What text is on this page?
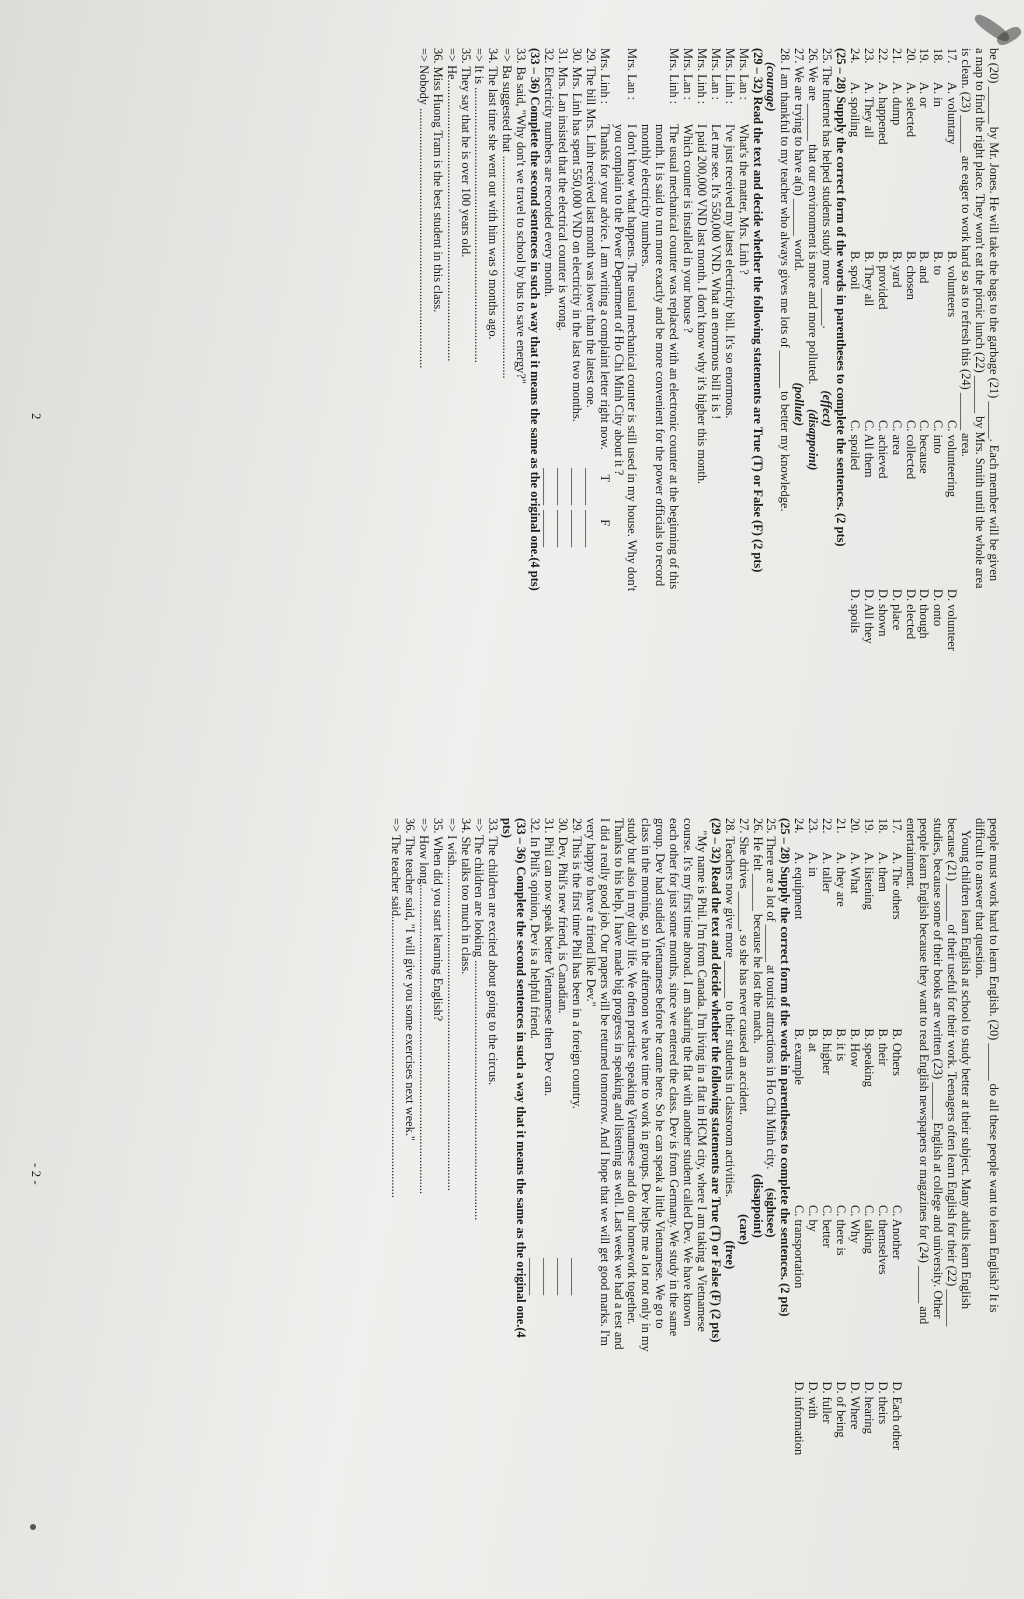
be (20) ______ by Mr. Jones. He will take the bags to the garbage (21) ______. Each member will be given

a map to find the right place. They won't eat the picnic lunch (22) ______ by Mrs. Smith until the whole area

is clean. (23) ______ are eager to work hard so as to refresh this (24) ______ area.

17.
A. voluntary
B. volunteers
C. volunteering
D. volunteer
18.
A. in
B. to
C. into
D. onto
19.
A. or
B. and
C. because
D. though
20.
A. selected
B. chosen
C. collected
D. elected
21.
A. dump
B. yard
C. area
D. place
22.
A. happened
B. provided
C. achieved
D. shown
23.
A. They all
B. They all
C. All them
D. All they
24.
A. spoiling
B. spoil
C. spoiled
D. spoils

(25 – 28) Supply the correct form of the words in parentheses to complete the sentences. (2 pts)

25. The Internet has helped students study more ______.                    (effect)

26. We are ______ that our environment is more and more polluted.        (disappoint)

27. We are trying to have a(n) ______ world.                                    (pollute)

28. I am thankful to my teacher who always gives me lots of ______ to better my knowledge.

(courage)

(29 – 32) Read the text and decide whether the following statements are True (T) or False (F) (2 pts)

Mrs. Lan :
What's the matter, Mrs. Linh ?
Mrs. Linh :
I've just received my latest electricity bill. It's so enormous.
Mrs. Lan :
Let me see. It's 550,000 VND. What an enormous bill it is !
Mrs. Linh :
I paid 200,000 VND last month. I don't know why it's higher this month.
Mrs. Lan :
Which counter is installed in your house ?
Mrs. Linh :
The usual mechanical counter was replaced with an electronic counter at the beginning of this
month. It is said to run more exactly and be more convenient for the power officials to record
monthly electricity numbers.
Mrs. Lan :
I don't know what happens. The usual mechanical counter is still used in my house. Why don't
you complain to the Power Department of Ho Chi Minh City about it ?
Mrs. Linh :
Thanks for your advice. I am writing a complaint letter right now.        T            F
29. The bill Mrs. Linh received last month was lower than the latest one.
______
______
30. Mrs. Linh has spent 550,000 VND on electricity in the last two months.
______
______
31. Mrs. Lan insisted that the electrical counter is wrong.
______
______
32. Electricity numbers are recorded every month.
______
______

(33 – 36) Complete the second sentences in such a way that it means the same as the original one.(4 pts)

33. Ba said, "Why don't we travel to school by bus to save energy?"

=> Ba suggested that ........................................................................

34. The last time she went out with him was 9 months ago.

=> It is .........................................................................................

35. They say that he is over 100 years old.

=> He...........................................................................................

36. Miss Huong Tram is the best student in this class.

=> Nobody ....................................................................................

2

people must work hard to learn English. (20) ______ do all these people want to learn English? It is

difficult to answer that question.

Young children learn English at school to study better at their subject. Many adults learn English

because (21) ______ of their useful for their work. Teenagers often learn English for their (22) ______

studies, because some of their books are written (23) ______ English at college and university. Other

people learn English because they want to read English newspapers or magazines for (24) ______ and

entertainment.

17.
A. The others
B. Others
C. Another
D. Each other
18.
A. them
B. their
C. themselves
D. theirs
19.
A. listening
B. speaking
C. talking
D. hearing
20.
A. What
B. How
C. Why
D. Where
21.
A. they are
B. it is
C. there is
D. of being
22.
A. taller
B. higher
C. better
D. fuller
23.
A. in
B. at
C. by
D. with
24.
A. equipment
B. example
C. transportation
D. information

(25 – 28) Supply the correct form of the words in parentheses to complete the sentences. (2 pts)

25. There are a lot of ______ at tourist attractions in Ho Chi Minh city.      (sightsee)

26. He felt ______ because he lost the match.                                          (disappoint)

27. She drives ______, so she has never caused an accident.                                (care)

28. Teachers now give more ______ to their students in classroom activities.              (free)

(29 – 32) Read the text and decide whether the following statements are True (T) or False (F) (2 pts)

"My name is Phil. I'm from Canada. I'm living in a flat in HCM city, where I am taking a Vietnamese

course. It's my first time abroad. I am sharing the flat with another student called Dev. We have known

each other for just some months, since we entered the class. Dev is from Germany. We study in the same

group. Dev had studied Vietnamese before he came here. So he can speak a little Vietnamese. We go to

class in the morning, so in the afternoon we have time to work in groups. Dev helps me a lot not only in my

study but also in my daily life. We often practise speaking Vietnamese and do our homework together.

Thanks to his help, I have made big progress in speaking and listening as well. Last week we had a test and

I did a really good job. Our papers will be returned tomorrow. And I hope that we will get good marks. I'm

very happy to have a friend like Dev."

29. This is the first time Phil has been in a foreign country.
______
30. Dev, Phil's new friend, is Canadian.
______
31. Phil can now speak better Vietnamese then Dev can.
______
32. In Phil's opinion, Dev is a helpful friend.
______

(33 – 36) Complete the second sentences in such a way that it means the same as the original one.(4

pts)

33. The children are excited about going to the circus.

=> The children are looking ....................................................................................

34. She talks too much in class.

=> I wish.........................................................................................................

35. When did you start learning English?

=> How long....................................................................................................

36. The teacher said, "I will give you some exercises next week."

=> The teacher said...........................................................................................

- 2 -
